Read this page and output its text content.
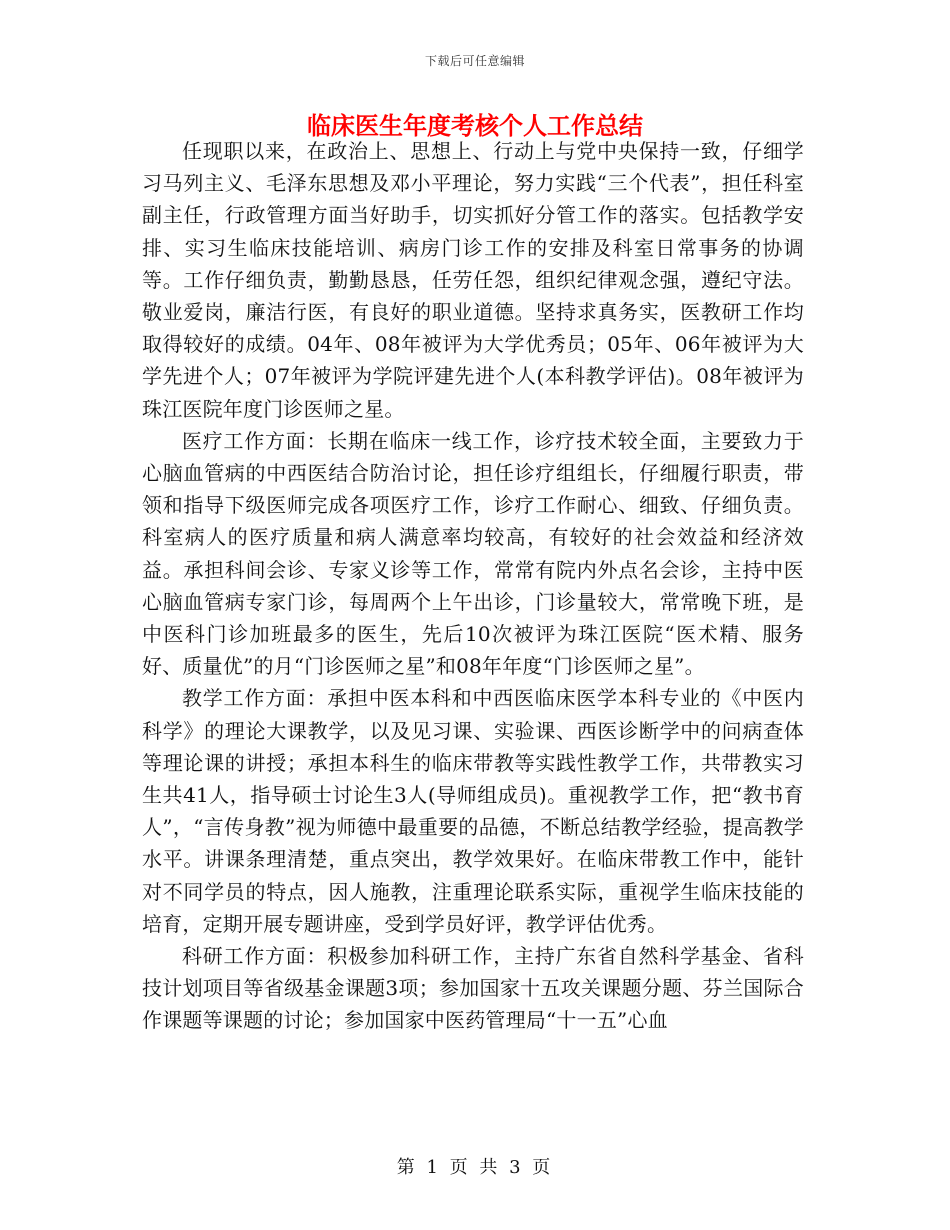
下载后可任意编辑
临床医生年度考核个人工作总结

任现职以来，在政治上、思想上、行动上与党中央保持一致，仔细学习马列主义、毛泽东思想及邓小平理论，努力实践“三个代表”，担任科室副主任，行政管理方面当好助手，切实抓好分管工作的落实。包括教学安排、实习生临床技能培训、病房门诊工作的安排及科室日常事务的协调等。工作仔细负责，勤勤恳恳，任劳任怨，组织纪律观念强，遵纪守法。敬业爱岗，廉洁行医，有良好的职业道德。坚持求真务实，医教研工作均取得较好的成绩。04年、08年被评为大学优秀员；05年、06年被评为大学先进个人；07年被评为学院评建先进个人(本科教学评估)。08年被评为珠江医院年度门诊医师之星。

医疗工作方面：长期在临床一线工作，诊疗技术较全面，主要致力于心脑血管病的中西医结合防治讨论，担任诊疗组组长，仔细履行职责，带领和指导下级医师完成各项医疗工作，诊疗工作耐心、细致、仔细负责。科室病人的医疗质量和病人满意率均较高，有较好的社会效益和经济效益。承担科间会诊、专家义诊等工作，常常有院内外点名会诊，主持中医心脑血管病专家门诊，每周两个上午出诊，门诊量较大，常常晚下班，是中医科门诊加班最多的医生，先后10次被评为珠江医院“医术精、服务好、质量优”的月“门诊医师之星”和08年年度“门诊医师之星”。

教学工作方面：承担中医本科和中西医临床医学本科专业的《中医内科学》的理论大课教学，以及见习课、实验课、西医诊断学中的问病查体等理论课的讲授；承担本科生的临床带教等实践性教学工作，共带教实习生共41人，指导硕士讨论生3人(导师组成员)。重视教学工作，把“教书育人”，“言传身教”视为师德中最重要的品德，不断总结教学经验，提高教学水平。讲课条理清楚，重点突出，教学效果好。在临床带教工作中，能针对不同学员的特点，因人施教，注重理论联系实际，重视学生临床技能的培育，定期开展专题讲座，受到学员好评，教学评估优秀。

科研工作方面：积极参加科研工作，主持广东省自然科学基金、省科技计划项目等省级基金课题3项；参加国家十五攻关课题分题、芬兰国际合作课题等课题的讨论；参加国家中医药管理局“十一五”心血

第 1 页 共 3 页
